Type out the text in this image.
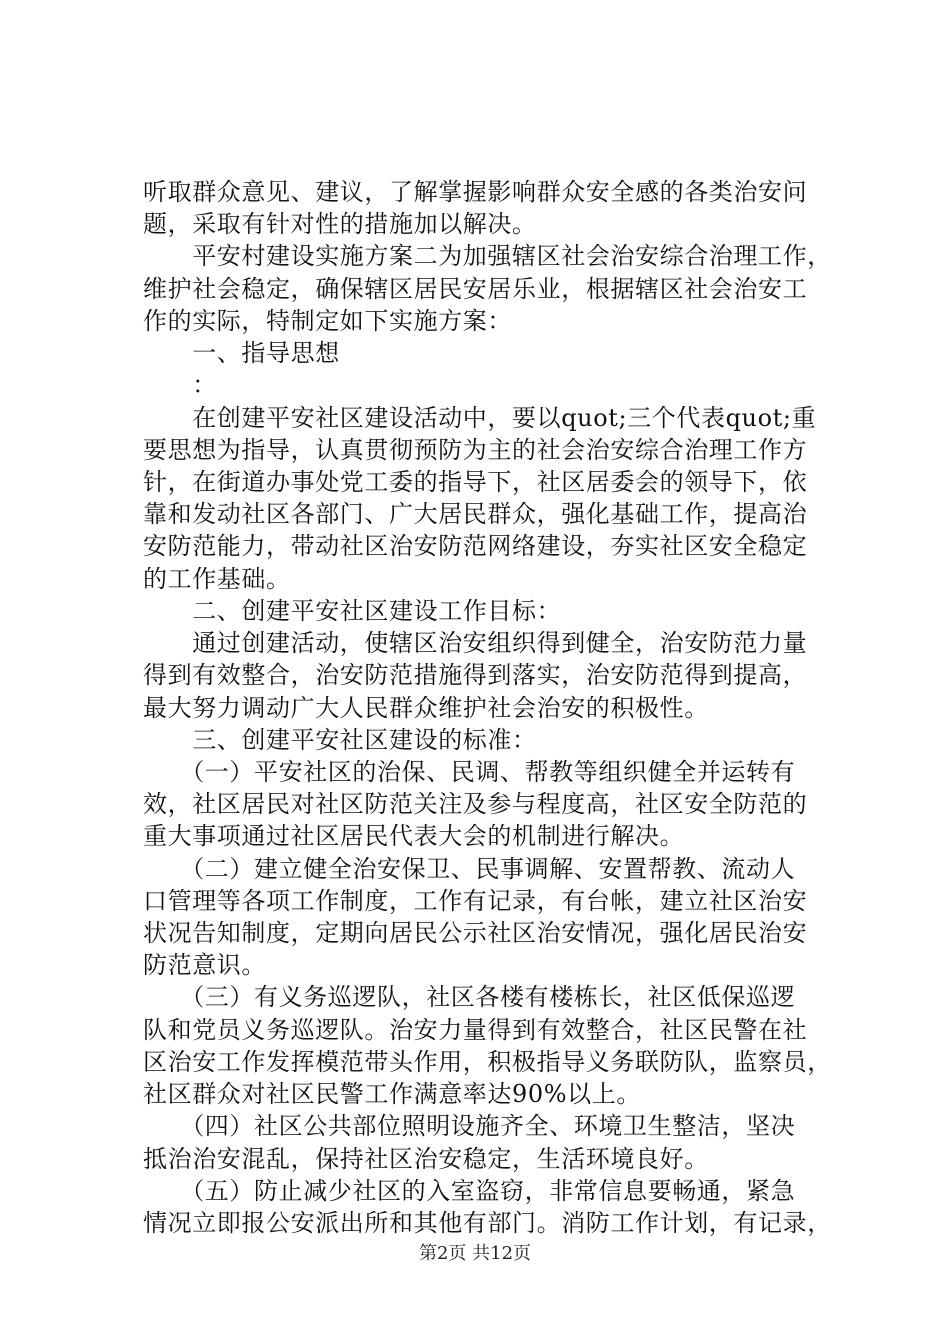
听取群众意见、建议，了解掌握影响群众安全感的各类治安问
题，采取有针对性的措施加以解决。
　　平安村建设实施方案二为加强辖区社会治安综合治理工作，
维护社会稳定，确保辖区居民安居乐业，根据辖区社会治安工
作的实际，特制定如下实施方案：
　　一、指导思想
　　：
　　在创建平安社区建设活动中，要以quot;三个代表quot;重
要思想为指导，认真贯彻预防为主的社会治安综合治理工作方
针，在街道办事处党工委的指导下，社区居委会的领导下，依
靠和发动社区各部门、广大居民群众，强化基础工作，提高治
安防范能力，带动社区治安防范网络建设，夯实社区安全稳定
的工作基础。
　　二、创建平安社区建设工作目标：
　　通过创建活动，使辖区治安组织得到健全，治安防范力量
得到有效整合，治安防范措施得到落实，治安防范得到提高，
最大努力调动广大人民群众维护社会治安的积极性。
　　三、创建平安社区建设的标准：
　　（一）平安社区的治保、民调、帮教等组织健全并运转有
效，社区居民对社区防范关注及参与程度高，社区安全防范的
重大事项通过社区居民代表大会的机制进行解决。
　　（二）建立健全治安保卫、民事调解、安置帮教、流动人
口管理等各项工作制度，工作有记录，有台帐，建立社区治安
状况告知制度，定期向居民公示社区治安情况，强化居民治安
防范意识。
　　（三）有义务巡逻队，社区各楼有楼栋长，社区低保巡逻
队和党员义务巡逻队。治安力量得到有效整合，社区民警在社
区治安工作发挥模范带头作用，积极指导义务联防队，监察员，
社区群众对社区民警工作满意率达90%以上。
　　（四）社区公共部位照明设施齐全、环境卫生整洁，坚决
抵治治安混乱，保持社区治安稳定，生活环境良好。
　　（五）防止减少社区的入室盗窃，非常信息要畅通，紧急
情况立即报公安派出所和其他有部门。消防工作计划，有记录，
第2页 共12页
